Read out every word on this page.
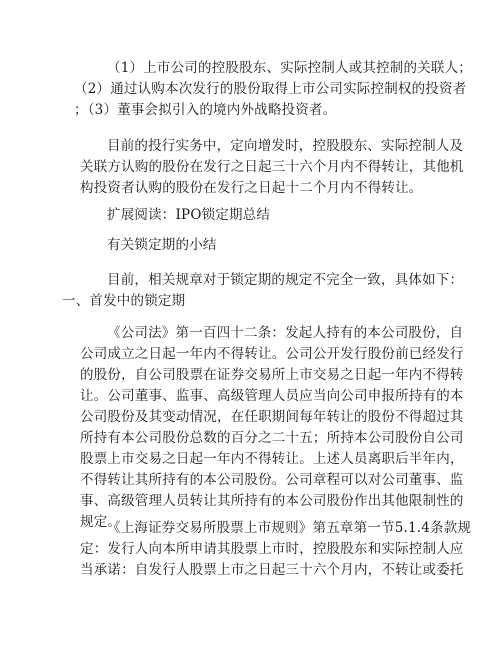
（1）上市公司的控股股东、实际控制人或其控制的关联人；
（2）通过认购本次发行的股份取得上市公司实际控制权的投资者
；（3）董事会拟引入的境内外战略投资者。

目前的投行实务中，定向增发时，控股股东、实际控制人及
关联方认购的股份在发行之日起三十六个月内不得转让，其他机
构投资者认购的股份在发行之日起十二个月内不得转让。

扩展阅读：IPO锁定期总结

有关锁定期的小结

目前，相关规章对于锁定期的规定不完全一致，具体如下：
一、首发中的锁定期

《公司法》第一百四十二条：发起人持有的本公司股份，自
公司成立之日起一年内不得转让。公司公开发行股份前已经发行
的股份，自公司股票在证券交易所上市交易之日起一年内不得转
让。公司董事、监事、高级管理人员应当向公司申报所持有的本
公司股份及其变动情况，在任职期间每年转让的股份不得超过其
所持有本公司股份总数的百分之二十五；所持本公司股份自公司
股票上市交易之日起一年内不得转让。上述人员离职后半年内，
不得转让其所持有的本公司股份。公司章程可以对公司董事、监
事、高级管理人员转让其所持有的本公司股份作出其他限制性的
规定。

《上海证券交易所股票上市规则》第五章第一节5.1.4条款规
定：发行人向本所申请其股票上市时，控股股东和实际控制人应
当承诺：自发行人股票上市之日起三十六个月内，不转让或委托
